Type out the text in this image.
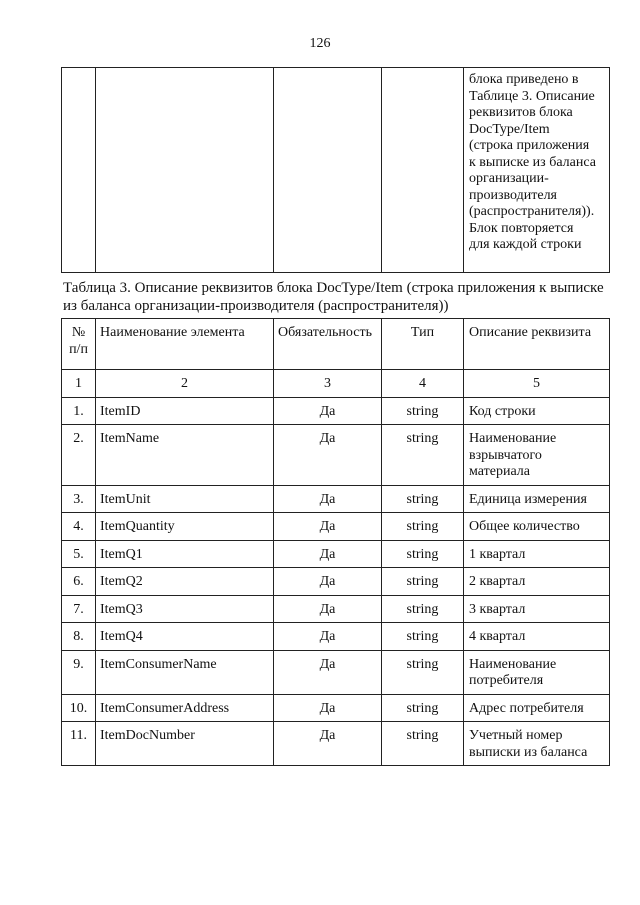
126
				блока приведено в
Таблице 3. Описание
реквизитов блока
DocType/Item
(строка приложения
к выписке из баланса
организации-
производителя
(распространителя)).
Блок повторяется
для каждой строки
Таблица 3. Описание реквизитов блока DocType/Item (строка приложения к выписке из баланса организации-производителя (распространителя))
№ п/п	Наименование элемента	Обязательность	Тип	Описание реквизита
1	2	3	4	5
1.	ItemID	Да	string	Код строки
2.	ItemName	Да	string	Наименование взрывчатого материала
3.	ItemUnit	Да	string	Единица измерения
4.	ItemQuantity	Да	string	Общее количество
5.	ItemQ1	Да	string	1 квартал
6.	ItemQ2	Да	string	2 квартал
7.	ItemQ3	Да	string	3 квартал
8.	ItemQ4	Да	string	4 квартал
9.	ItemConsumerName	Да	string	Наименование потребителя
10.	ItemConsumerAddress	Да	string	Адрес потребителя
11.	ItemDocNumber	Да	string	Учетный номер выписки из баланса
